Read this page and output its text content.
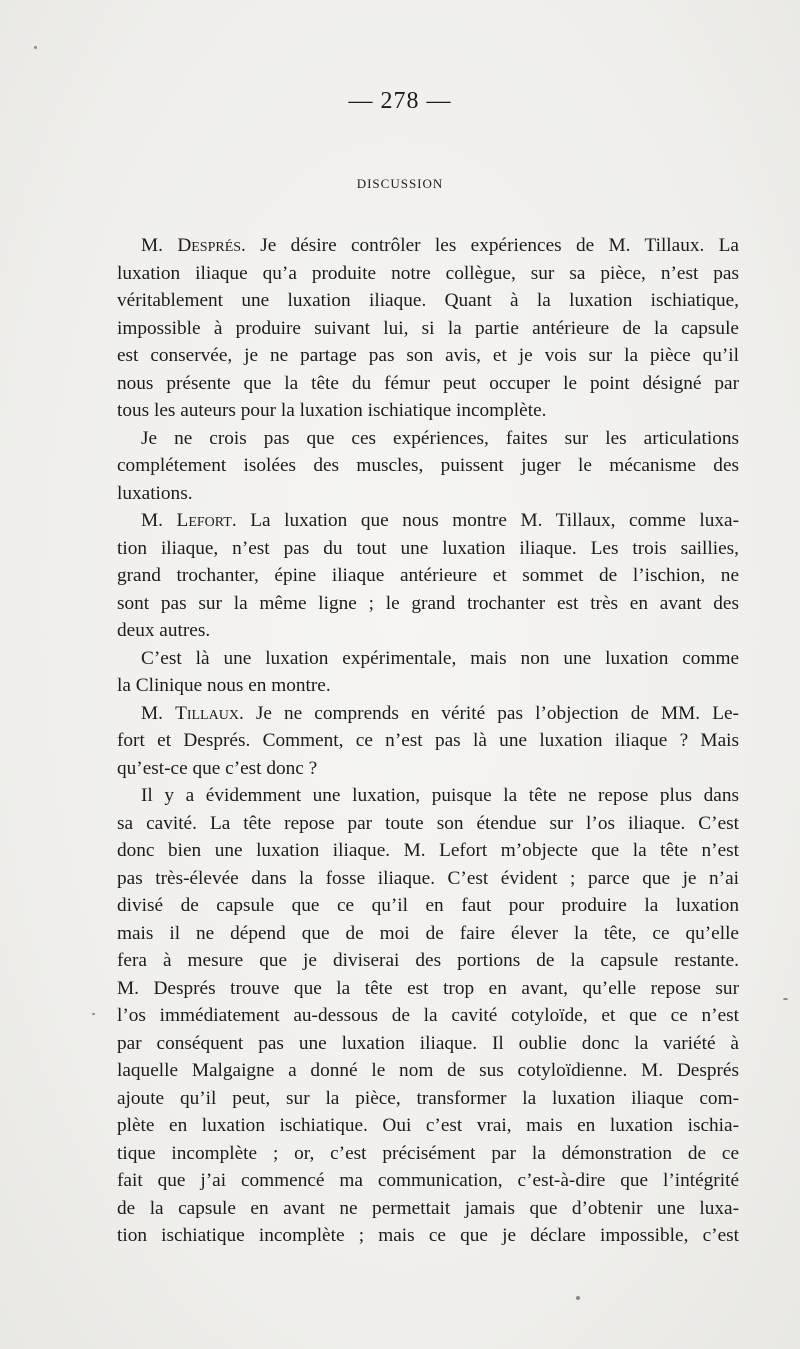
— 278 —
DISCUSSION
M. Després. Je désire contrôler les expériences de M. Tillaux. La
luxation iliaque qu’a produite notre collègue, sur sa pièce, n’est pas
véritablement une luxation iliaque. Quant à la luxation ischiatique,
impossible à produire suivant lui, si la partie antérieure de la capsule
est conservée, je ne partage pas son avis, et je vois sur la pièce qu’il
nous présente que la tête du fémur peut occuper le point désigné par
tous les auteurs pour la luxation ischiatique incomplète.
Je ne crois pas que ces expériences, faites sur les articulations
complétement isolées des muscles, puissent juger le mécanisme des
luxations.
M. Lefort. La luxation que nous montre M. Tillaux, comme luxa-
tion iliaque, n’est pas du tout une luxation iliaque. Les trois saillies,
grand trochanter, épine iliaque antérieure et sommet de l’ischion, ne
sont pas sur la même ligne ; le grand trochanter est très en avant des
deux autres.
C’est là une luxation expérimentale, mais non une luxation comme
la Clinique nous en montre.
M. Tillaux. Je ne comprends en vérité pas l’objection de MM. Le-
fort et Després. Comment, ce n’est pas là une luxation iliaque ? Mais
qu’est-ce que c’est donc ?
Il y a évidemment une luxation, puisque la tête ne repose plus dans
sa cavité. La tête repose par toute son étendue sur l’os iliaque. C’est
donc bien une luxation iliaque. M. Lefort m’objecte que la tête n’est
pas très-élevée dans la fosse iliaque. C’est évident ; parce que je n’ai
divisé de capsule que ce qu’il en faut pour produire la luxation
mais il ne dépend que de moi de faire élever la tête, ce qu’elle
fera à mesure que je diviserai des portions de la capsule restante.
M. Després trouve que la tête est trop en avant, qu’elle repose sur
l’os immédiatement au-dessous de la cavité cotyloïde, et que ce n’est
par conséquent pas une luxation iliaque. Il oublie donc la variété à
laquelle Malgaigne a donné le nom de sus cotyloïdienne. M. Després
ajoute qu’il peut, sur la pièce, transformer la luxation iliaque com-
plète en luxation ischiatique. Oui c’est vrai, mais en luxation ischia-
tique incomplète ; or, c’est précisément par la démonstration de ce
fait que j’ai commencé ma communication, c’est-à-dire que l’intégrité
de la capsule en avant ne permettait jamais que d’obtenir une luxa-
tion ischiatique incomplète ; mais ce que je déclare impossible, c’est
